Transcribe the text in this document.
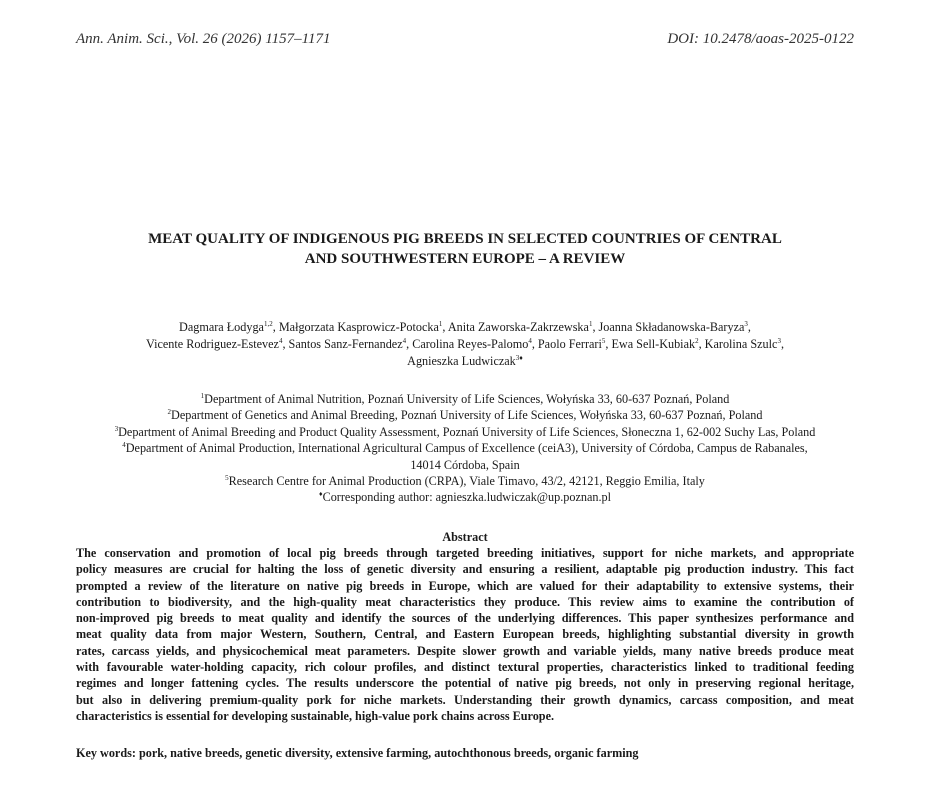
Ann. Anim. Sci., Vol. 26 (2026) 1157–1171	DOI: 10.2478/aoas-2025-0122
MEAT QUALITY OF INDIGENOUS PIG BREEDS IN SELECTED COUNTRIES OF CENTRAL
AND SOUTHWESTERN EUROPE – A REVIEW
Dagmara Łodyga$^{1,2}$, Małgorzata Kasprowicz-Potocka$^1$, Anita Zaworska-Zakrzewska$^1$, Joanna Składanowska-Baryza$^3$,
Vicente Rodriguez-Estevez$^4$, Santos Sanz-Fernandez$^4$, Carolina Reyes-Palomo$^4$, Paolo Ferrari$^5$, Ewa Sell-Kubiak$^2$, Karolina Szulc$^3$,
Agnieszka Ludwiczak$^{3♦}$
$^1$Department of Animal Nutrition, Poznań University of Life Sciences, Wołyńska 33, 60-637 Poznań, Poland
$^2$Department of Genetics and Animal Breeding, Poznań University of Life Sciences, Wołyńska 33, 60-637 Poznań, Poland
$^3$Department of Animal Breeding and Product Quality Assessment, Poznań University of Life Sciences, Słoneczna 1, 62-002 Suchy Las, Poland
$^4$Department of Animal Production, International Agricultural Campus of Excellence (ceiA3), University of Córdoba, Campus de Rabanales,
14014 Córdoba, Spain
$^5$Research Centre for Animal Production (CRPA), Viale Timavo, 43/2, 42121, Reggio Emilia, Italy
♦Corresponding author: agnieszka.ludwiczak@up.poznan.pl
Abstract
The conservation and promotion of local pig breeds through targeted breeding initiatives, support for niche markets, and appropriate
policy measures are crucial for halting the loss of genetic diversity and ensuring a resilient, adaptable pig production industry. This fact
prompted a review of the literature on native pig breeds in Europe, which are valued for their adaptability to extensive systems, their
contribution to biodiversity, and the high-quality meat characteristics they produce. This review aims to examine the contribution of
non-improved pig breeds to meat quality and identify the sources of the underlying differences. This paper synthesizes performance and
meat quality data from major Western, Southern, Central, and Eastern European breeds, highlighting substantial diversity in growth
rates, carcass yields, and physicochemical meat parameters. Despite slower growth and variable yields, many native breeds produce meat
with favourable water-holding capacity, rich colour profiles, and distinct textural properties, characteristics linked to traditional feeding
regimes and longer fattening cycles. The results underscore the potential of native pig breeds, not only in preserving regional heritage,
but also in delivering premium-quality pork for niche markets. Understanding their growth dynamics, carcass composition, and meat
characteristics is essential for developing sustainable, high-value pork chains across Europe.
Key words: pork, native breeds, genetic diversity, extensive farming, autochthonous breeds, organic farming
